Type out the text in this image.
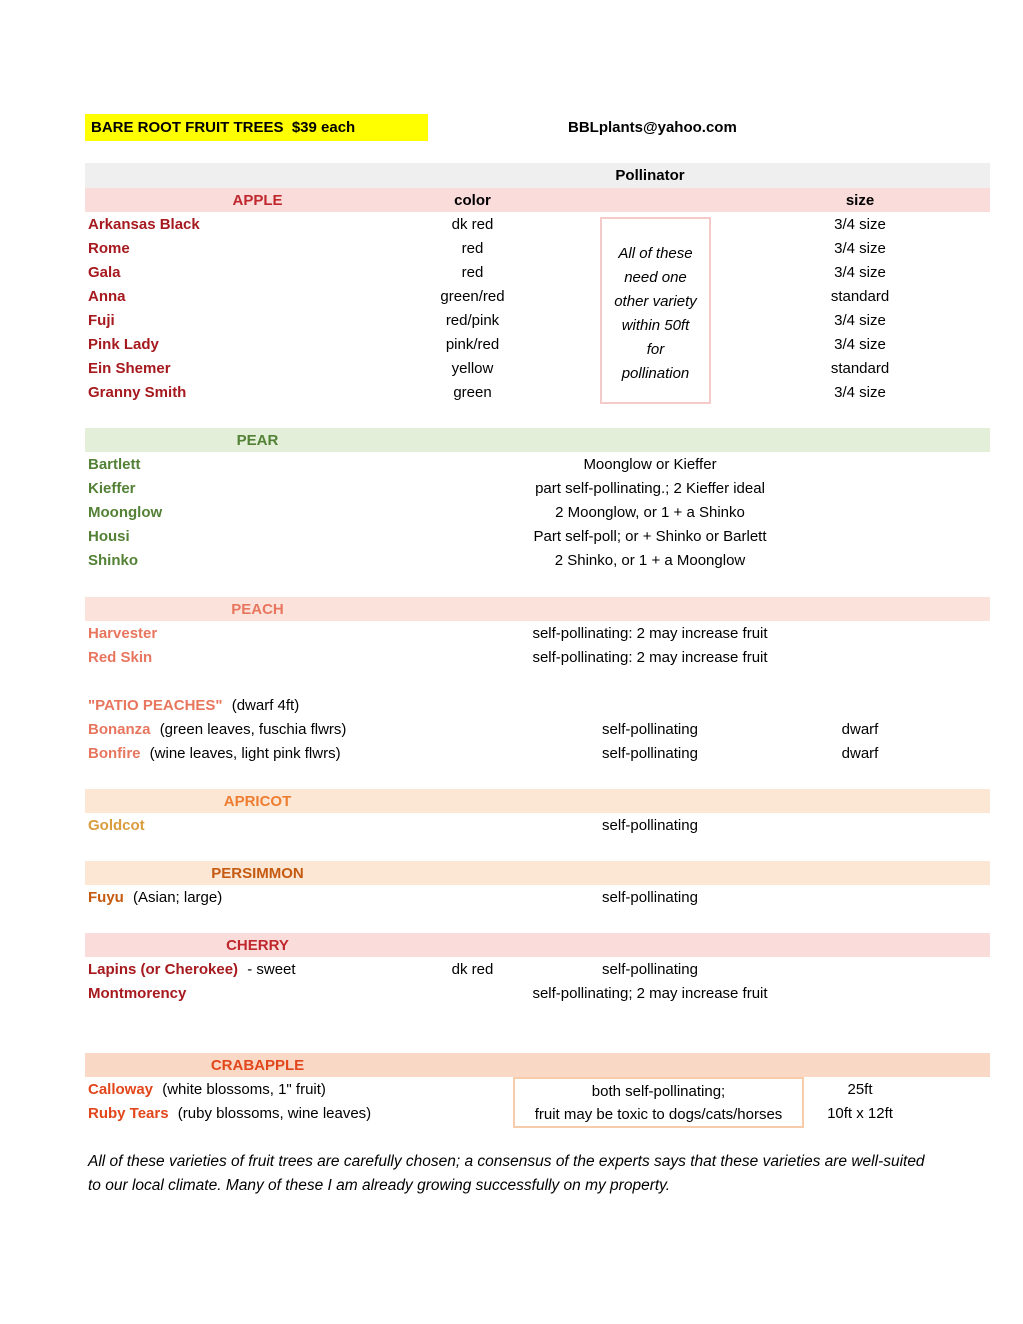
BARE ROOT FRUIT TREES  $39 each	BBLplants@yahoo.com
Pollinator
APPLE	color	size
Arkansas Black	dk red	3/4 size
Rome	red	3/4 size
Gala	red	3/4 size
Anna	green/red	standard
Fuji	red/pink	3/4 size
Pink Lady	pink/red	3/4 size
Ein Shemer	yellow	standard
Granny Smith	green	3/4 size
All of these
need one
other variety
within 50ft
for
pollination
PEAR
Bartlett	Moonglow or Kieffer
Kieffer	part self-pollinating.; 2 Kieffer ideal
Moonglow	2 Moonglow, or 1 + a Shinko
Housi	Part self-poll; or + Shinko or Barlett
Shinko	2 Shinko, or 1 + a Moonglow
PEACH
Harvester	self-pollinating: 2 may increase fruit
Red Skin	self-pollinating: 2 may increase fruit
"PATIO PEACHES" (dwarf 4ft)
Bonanza (green leaves, fuschia flwrs)	self-pollinating	dwarf
Bonfire (wine leaves, light pink flwrs)	self-pollinating	dwarf
APRICOT
Goldcot	self-pollinating
PERSIMMON
Fuyu (Asian; large)	self-pollinating
CHERRY
Lapins (or Cherokee) - sweet	dk red	self-pollinating
Montmorency	self-pollinating; 2 may increase fruit
CRABAPPLE
Calloway (white blossoms, 1" fruit)	25ft
Ruby Tears (ruby blossoms, wine leaves)	10ft x 12ft
both self-pollinating;
fruit may be toxic to dogs/cats/horses
All of these varieties of fruit trees are carefully chosen; a consensus of the experts says that these varieties are well-suited to our local climate. Many of these I am already growing successfully on my property.
